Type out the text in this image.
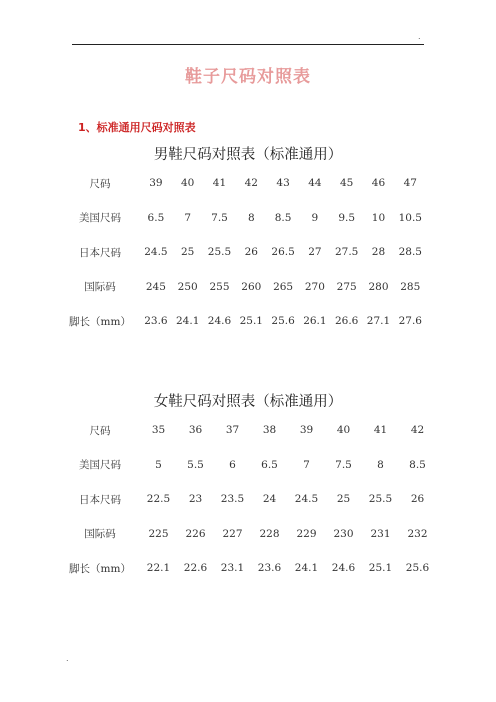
.
鞋子尺码对照表
1、标准通用尺码对照表
男鞋尺码对照表（标准通用）
尺码	39	40	41	42	43	44	45	46	47
美国尺码	6.5	7	7.5	8	8.5	9	9.5	10	10.5
日本尺码	24.5	25	25.5	26	26.5	27	27.5	28	28.5
国际码	245	250	255	260	265	270	275	280	285
脚长（mm）	23.6 24.1 24.6 25.1 25.6 26.1 26.6 27.1 27.6
女鞋尺码对照表（标准通用）
尺码	35	36	37	38	39	40	41	42
美国尺码	5	5.5	6	6.5	7	7.5	8	8.5
日本尺码	22.5	23	23.5	24	24.5	25	25.5	26
国际码	225	226	227	228	229	230	231	232
脚长（mm）	22.1	22.6	23.1	23.6	24.1	24.6	25.1	25.6
.
